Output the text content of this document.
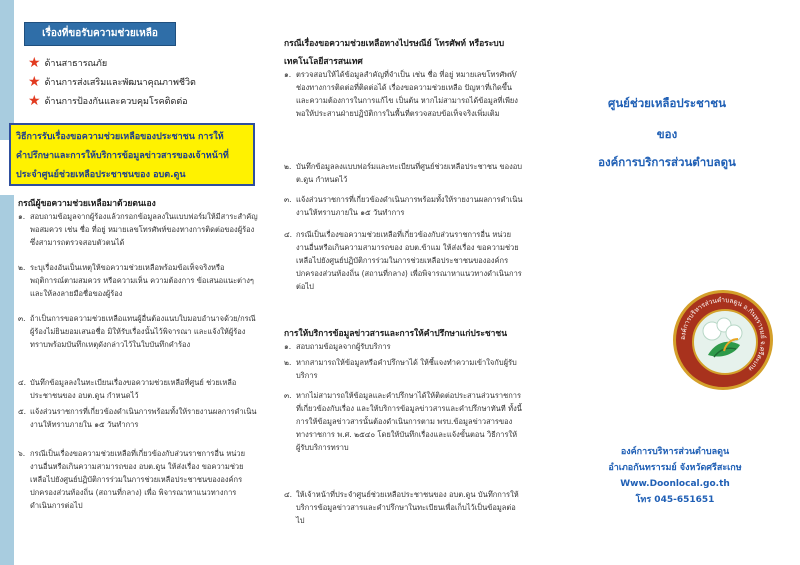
เรื่องที่ขอรับความช่วยเหลือ
★ ด้านสาธารณภัย
★ ด้านการส่งเสริมและพัฒนาคุณภาพชีวิต
★ ด้านการป้องกันและควบคุมโรคติดต่อ
วิธีการรับเรื่องขอความช่วยเหลือของประชาชน การให้
คำปรึกษาและการให้บริการข้อมูลข่าวสารของเจ้าหน้าที่
ประจำศูนย์ช่วยเหลือประชาชนของ อบต.ดูน
กรณีผู้ขอความช่วยเหลือมาด้วยตนเอง
๑. สอบถามข้อมูลจากผู้ร้องแล้วกรอกข้อมูลลงในแบบฟอร์มให้มีสาระสำคัญพอสมควร เช่น ชื่อ ที่อยู่ หมายเลขโทรศัพท์ของทางการติดต่อของผู้ร้อง ซึ่งสามารถตรวจสอบตัวตนได้
๒. ระบุเรื่องอันเป็นเหตุให้ขอความช่วยเหลือพร้อมข้อเท็จจริงหรือพฤติการณ์ตามสมควร หรือความเห็น ความต้องการ ข้อเสนอแนะต่างๆ และให้ลงลายมือชื่อของผู้ร้อง
๓. ถ้าเป็นการขอความช่วยเหลือแทนผู้อื่นต้องแนบใบมอบอำนาจด้วย/กรณีผู้ร้องไม่ยินยอมเสนอชื่อ มิให้รับเรื่องนั้นไว้พิจารณา และแจ้งให้ผู้ร้องทราบพร้อมบันทึกเหตุดังกล่าวไว้ในใบบันทึกคำร้อง
๔. บันทึกข้อมูลลงในทะเบียนเรื่องขอความช่วยเหลือที่ศูนย์ ช่วยเหลือประชาชนของ อบต.ดูน กำหนดไว้
๕. แจ้งส่วนราชการที่เกี่ยวข้องดำเนินการพร้อมทั้งให้รายงานผลการดำเนินงานให้ทราบภายใน ๑๕ วันทำการ
๖. กรณีเป็นเรื่องขอความช่วยเหลือที่เกี่ยวข้องกับส่วนราชการอื่น หน่วยงานอื่นหรือเกินความสามารถของ อบต.ดูน ให้ส่งเรื่อง ขอความช่วยเหลือไปยังศูนย์ปฏิบัติการร่วมในการช่วยเหลือประชาชนขององค์กรปกครองส่วนท้องถิ่น (สถานที่กลาง) เพื่อ พิจารณาหาแนวทางการดำเนินการต่อไป
กรณีเรื่องขอความช่วยเหลือทางไปรษณีย์ โทรศัพท์ หรือระบบ
เทคโนโลยีสารสนเทศ
๑. ตรวจสอบให้ได้ข้อมูลสำคัญที่จำเป็น เช่น ชื่อ ที่อยู่ หมายเลขโทรศัพท์/ช่องทางการติดต่อที่ติดต่อได้ เรื่องขอความช่วยเหลือ ปัญหาที่เกิดขึ้น และความต้องการในการแก้ไข เป็นต้น หากไม่สามารถได้ข้อมูลที่เพียงพอให้ประสานฝ่ายปฏิบัติการในพื้นที่ตรวจสอบข้อเท็จจริงเพิ่มเติม
๒. บันทึกข้อมูลลงแบบฟอร์มและทะเบียนที่ศูนย์ช่วยเหลือประชาชน ของอบต.ดูน กำหนดไว้
๓. แจ้งส่วนราชการที่เกี่ยวข้องดำเนินการพร้อมทั้งให้รายงานผลการดำเนินงานให้ทราบภายใน ๑๕ วันทำการ
๔. กรณีเป็นเรื่องขอความช่วยเหลือที่เกี่ยวข้องกับส่วนราชการอื่น หน่วยงานอื่นหรือเกินความสามารถของ อบต.ข้าแม ให้ส่งเรื่อง ขอความช่วยเหลือไปยังศูนย์ปฏิบัติการร่วมในการช่วยเหลือประชาชนขององค์กรปกครองส่วนท้องถิ่น (สถานที่กลาง) เพื่อพิจารณาหาแนวทางดำเนินการต่อไป
การให้บริการข้อมูลข่าวสารและการให้คำปรึกษาแก่ประชาชน
๑. สอบถามข้อมูลจากผู้รับบริการ
๒. หากสามารถให้ข้อมูลหรือคำปรึกษาได้ ให้ชี้แจงทำความเข้าใจกับผู้รับบริการ
๓. หากไม่สามารถให้ข้อมูลและคำปรึกษาได้ให้ติดต่อประสานส่วนราชการที่เกี่ยวข้องกับเรื่อง และให้บริการข้อมูลข่าวสารและคำปรึกษาทันที ทั้งนี้ การให้ข้อมูลข่าวสารนั้นต้องดำเนินการตาม พรบ.ข้อมูลข่าวสารของทางราชการ พ.ศ. ๒๕๔๐ โดยให้บันทึกเรื่องและแจ้งขั้นตอน วิธีการให้ผู้รับบริการทราบ
๔. ให้เจ้าหน้าที่ประจำศูนย์ช่วยเหลือประชาชนของ อบต.ดูน บันทึกการให้บริการข้อมูลข่าวสารและคำปรึกษาในทะเบียนเพื่อเก็บไว้เป็นข้อมูลต่อไป
ศูนย์ช่วยเหลือประชาชน
ของ
องค์การบริการส่วนตำบลดูน
องค์การบริหารส่วนตำบลดูน อ.กันทรารมย์ จ.ศรีสะเกษ
องค์การบริหารส่วนตำบลดูน
อำเภอกันทรารมย์ จังหวัดศรีสะเกษ
Www.Doonlocal.go.th
โทร 045-651651
